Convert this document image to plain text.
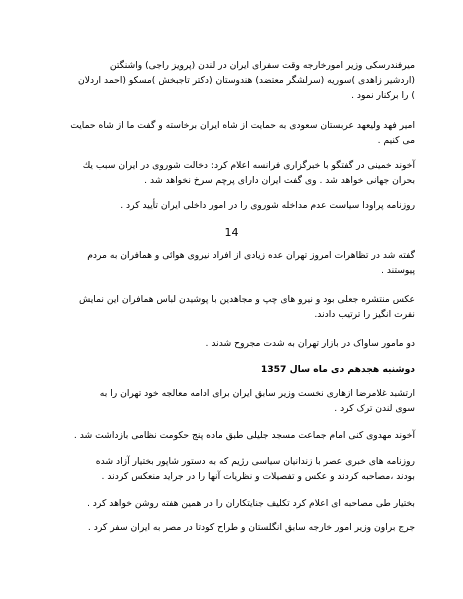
میرفندرسکی وزیر امورخارجه وقت سفرای ایران در لندن (پرویز راجی) واشنگتن
(اردشیر زاهدی )سوریه (سرلشگر معتضد) هندوستان (دکتر تاجبخش )مسکو (احمد اردلان
) را برکنار نمود .

امیر فهد ولیعهد عربستان سعودی به حمایت از شاه ایران برخاسته و گفت ما از شاه حمایت
می کنیم .

آخوند خمینی در گفتگو با خبرگزاری فرانسه اعلام کرد: دخالت شوروی در ایران سبب یك
بحران جهانی خواهد شد . وی گفت ایران دارای پرچم سرخ نخواهد شد .

روزنامه پراودا سیاست عدم مداخله شوروی را در امور داخلی ایران تأیید کرد .

14

گفته شد در تظاهرات امروز تهران عده زیادی از افراد نیروی هوائی و همافران به مردم
پیوستند .

عکس منتشره جعلی بود و نیرو های چپ و مجاهدین با پوشیدن لباس همافران این نمایش
نفرت انگیز را ترتیب دادند.

دو مامور ساواک در بازار تهران به شدت مجروح شدند .

دوشنبه هجدهم دی ماه سال 1357

ارتشبد غلامرضا ازهاری نخست وزیر سابق ایران برای ادامه معالجه خود تهران را به
سوی لندن ترک کرد .

آخوند مهدوی کنی امام جماعت مسجد جلیلی طبق ماده پنج حکومت نظامی بازداشت شد .

روزنامه های خبری عصر با زندانیان سیاسی رژیم که به دستور شاپور بختیار آزاد شده
بودند ،مصاحبه کردند و عکس و تفصیلات و نظریات آنها را در جراید منعکس کردند .

بختیار طی مصاحبه ای اعلام کرد تکلیف جنایتکاران را در همین هفته روشن خواهد کرد .

جرج براون وزیر امور خارجه سابق انگلستان و طراح کودتا در مصر به ایران سفر کرد .
